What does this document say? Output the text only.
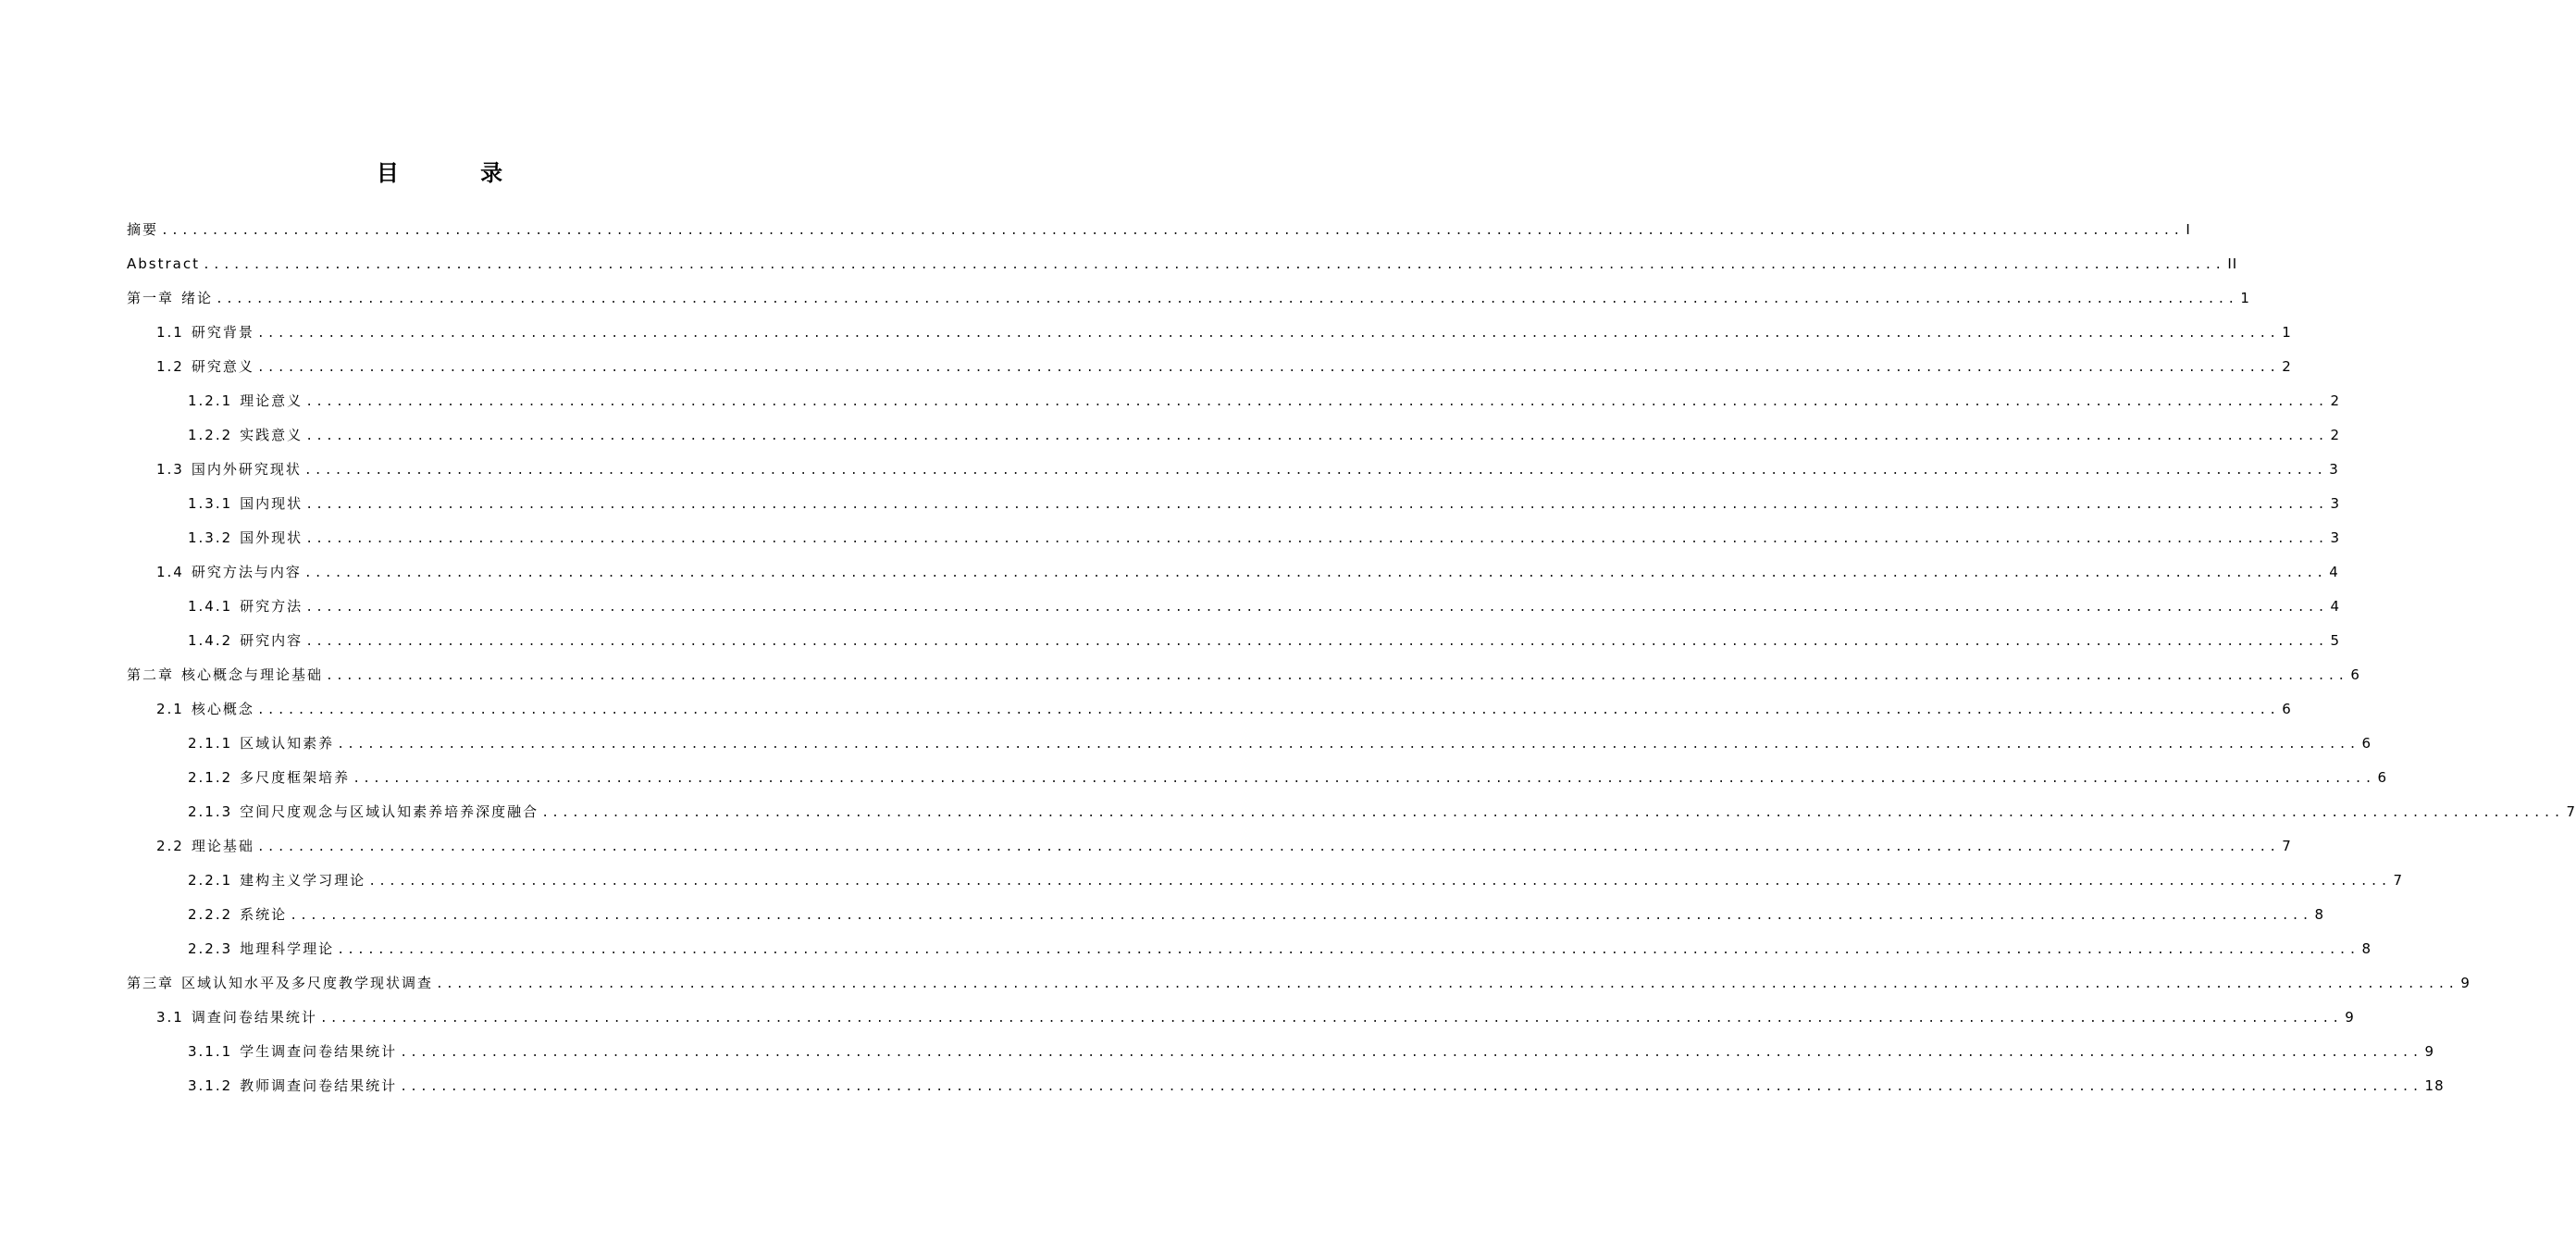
目 录
摘要 ........................................................................................................................................................................................................ I
Abstract ........................................................................................................................................................................................................ II
第一章 绪论 ........................................................................................................................................................................................................ 1
1.1 研究背景 ........................................................................................................................................................................................................ 1
1.2 研究意义 ........................................................................................................................................................................................................ 2
1.2.1 理论意义 ........................................................................................................................................................................................................ 2
1.2.2 实践意义 ........................................................................................................................................................................................................ 2
1.3 国内外研究现状 ........................................................................................................................................................................................................ 3
1.3.1 国内现状 ........................................................................................................................................................................................................ 3
1.3.2 国外现状 ........................................................................................................................................................................................................ 3
1.4 研究方法与内容 ........................................................................................................................................................................................................ 4
1.4.1 研究方法 ........................................................................................................................................................................................................ 4
1.4.2 研究内容 ........................................................................................................................................................................................................ 5
第二章 核心概念与理论基础 ........................................................................................................................................................................................................ 6
2.1 核心概念 ........................................................................................................................................................................................................ 6
2.1.1 区域认知素养 ........................................................................................................................................................................................................ 6
2.1.2 多尺度框架培养 ........................................................................................................................................................................................................ 6
2.1.3 空间尺度观念与区域认知素养培养深度融合 ........................................................................................................................................................................................................ 7
2.2 理论基础 ........................................................................................................................................................................................................ 7
2.2.1 建构主义学习理论 ........................................................................................................................................................................................................ 7
2.2.2 系统论 ........................................................................................................................................................................................................ 8
2.2.3 地理科学理论 ........................................................................................................................................................................................................ 8
第三章 区域认知水平及多尺度教学现状调查 ........................................................................................................................................................................................................ 9
3.1 调查问卷结果统计 ........................................................................................................................................................................................................ 9
3.1.1 学生调查问卷结果统计 ........................................................................................................................................................................................................ 9
3.1.2 教师调查问卷结果统计 ........................................................................................................................................................................................................ 18
